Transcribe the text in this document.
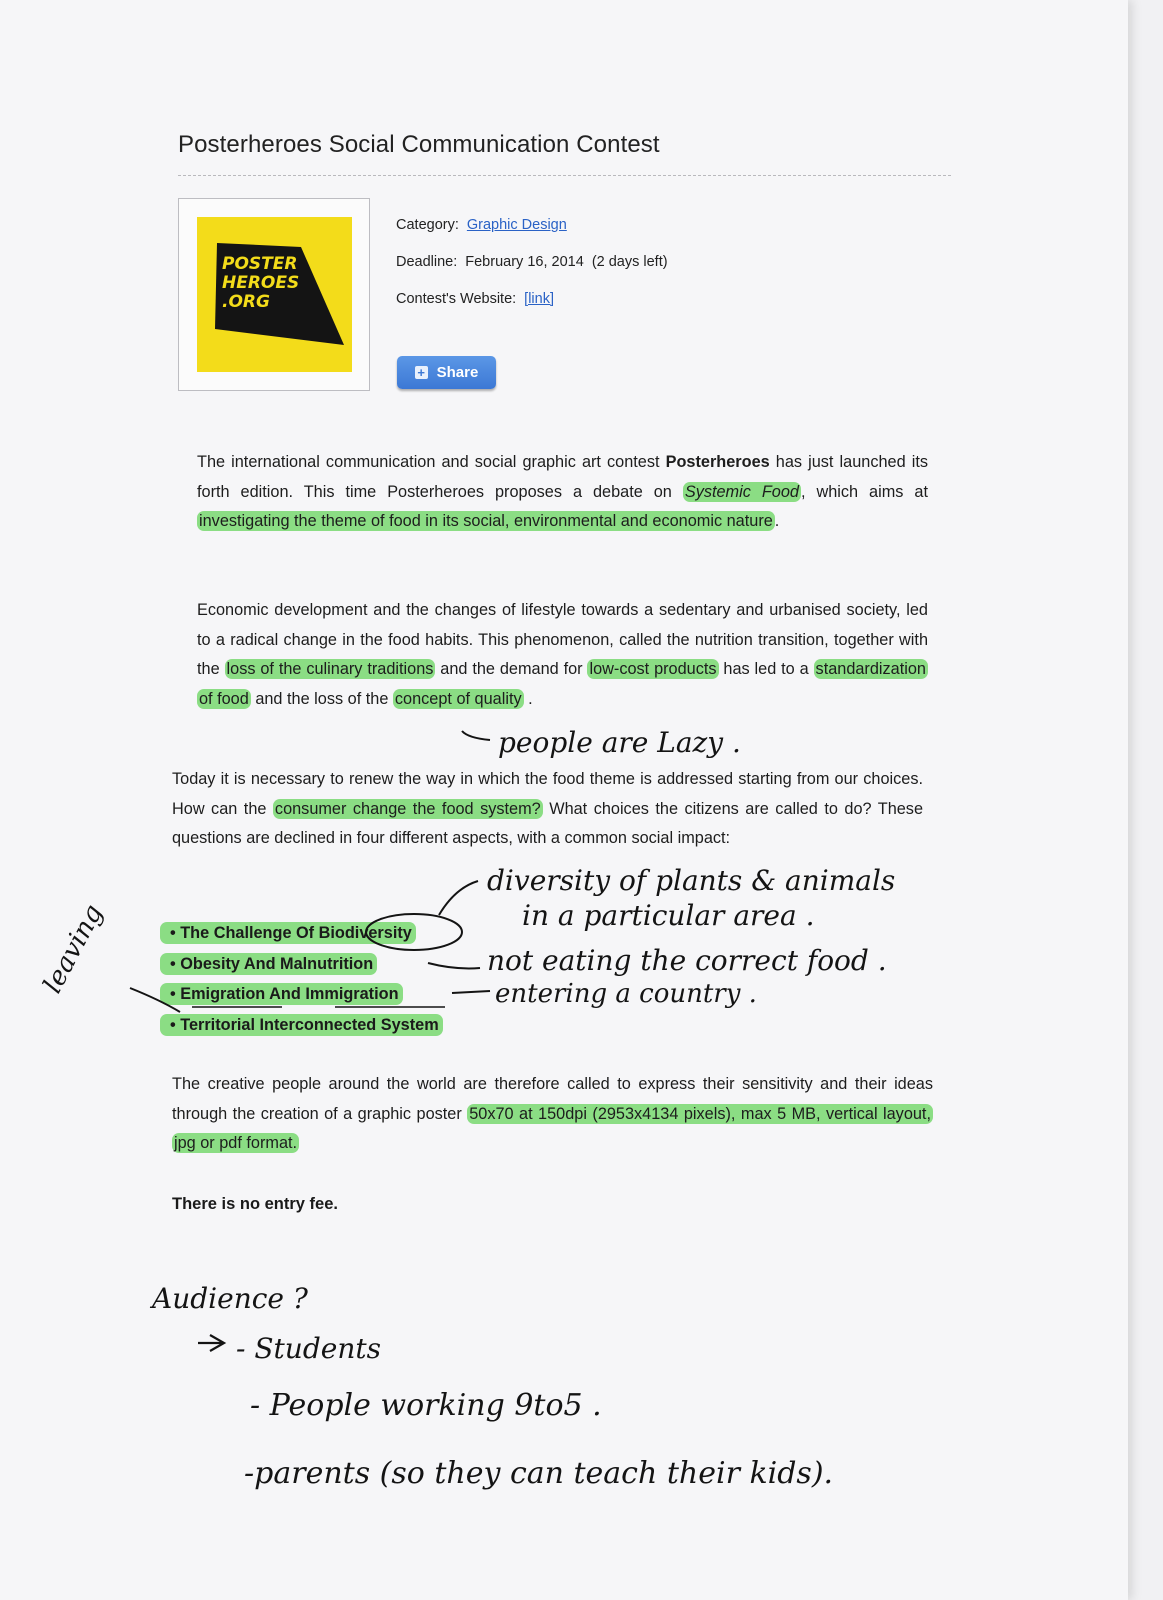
Posterheroes Social Communication Contest
POSTER
HEROES
.ORG
Category: Graphic Design
Deadline: February 16, 2014  (2 days left)
Contest's Website: [link]
+ Share

The international communication and social graphic art contest Posterheroes has just launched its forth edition. This time Posterheroes proposes a debate on Systemic Food , which aims at investigating the theme of food in its social, environmental and economic nature .

Economic development and the changes of lifestyle towards a sedentary and urbanised society, led to a radical change in the food habits. This phenomenon, called the nutrition transition, together with the loss of the culinary traditions and the demand for low-cost products has led to a standardization of food and the loss of the concept of quality .

Today it is necessary to renew the way in which the food theme is addressed starting from our choices. How can the consumer change the food system? What choices the citizens are called to do? These questions are declined in four different aspects, with a common social impact:

• The Challenge Of Biodiversity
• Obesity And Malnutrition
• Emigration And Immigration
• Territorial Interconnected System

The creative people around the world are therefore called to express their sensitivity and their ideas through the creation of a graphic poster 50x70 at 150dpi (2953x4134 pixels), max 5 MB, vertical layout, jpg or pdf format.

There is no entry fee.
people are Lazy .
diversity of plants & animals
in a particular area .
leaving	not eating the correct food .
entering a country .
Audience ?
- Students
- People working 9to5 .
-parents (so they can teach their kids).
